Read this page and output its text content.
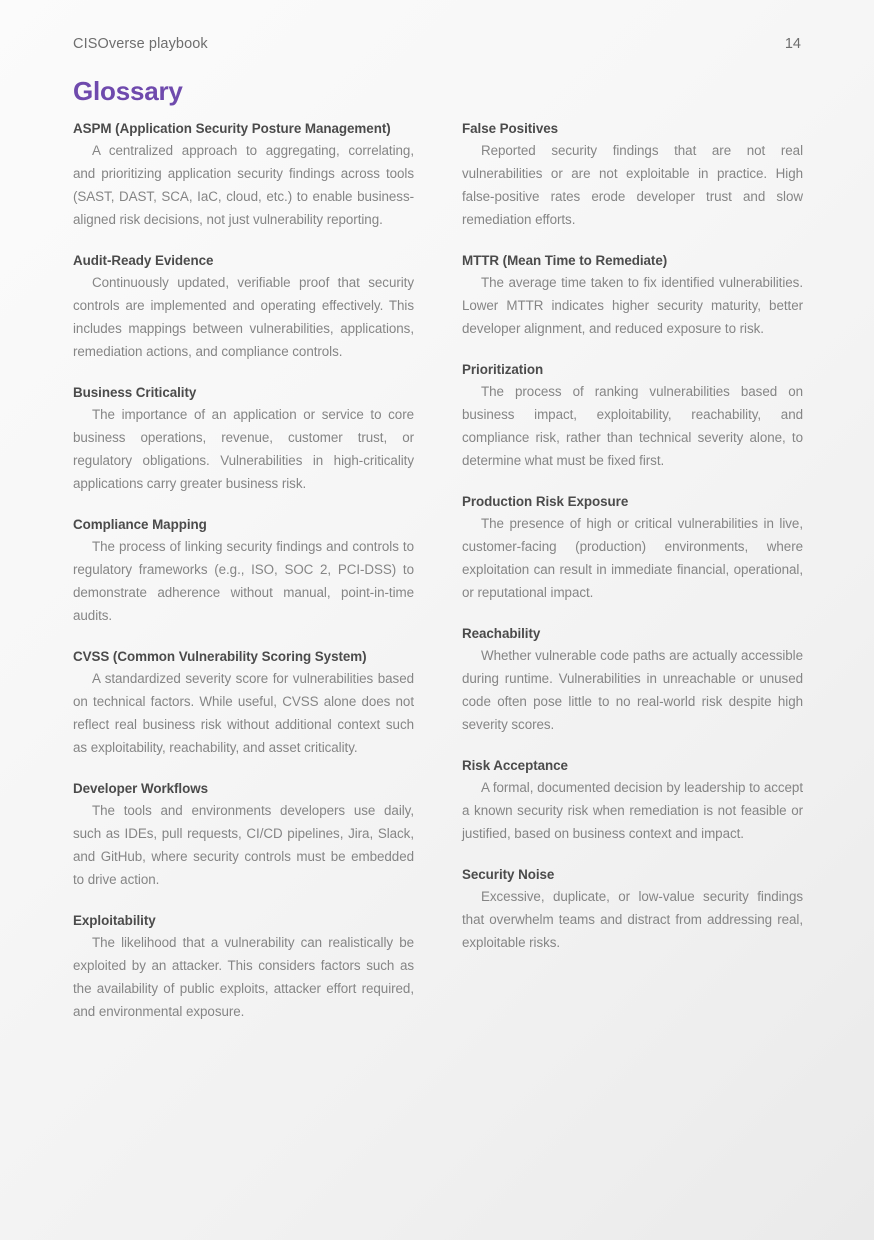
CISOverse playbook	14
Glossary
ASPM (Application Security Posture Management)
A centralized approach to aggregating, correlating, and prioritizing application security findings across tools (SAST, DAST, SCA, IaC, cloud, etc.) to enable business-aligned risk decisions, not just vulnerability reporting.
Audit-Ready Evidence
Continuously updated, verifiable proof that security controls are implemented and operating effectively. This includes mappings between vulnerabilities, applications, remediation actions, and compliance controls.
Business Criticality
The importance of an application or service to core business operations, revenue, customer trust, or regulatory obligations. Vulnerabilities in high-criticality applications carry greater business risk.
Compliance Mapping
The process of linking security findings and controls to regulatory frameworks (e.g., ISO, SOC 2, PCI-DSS) to demonstrate adherence without manual, point-in-time audits.
CVSS (Common Vulnerability Scoring System)
A standardized severity score for vulnerabilities based on technical factors. While useful, CVSS alone does not reflect real business risk without additional context such as exploitability, reachability, and asset criticality.
Developer Workflows
The tools and environments developers use daily, such as IDEs, pull requests, CI/CD pipelines, Jira, Slack, and GitHub, where security controls must be embedded to drive action.
Exploitability
The likelihood that a vulnerability can realistically be exploited by an attacker. This considers factors such as the availability of public exploits, attacker effort required, and environmental exposure.
False Positives
Reported security findings that are not real vulnerabilities or are not exploitable in practice. High false-positive rates erode developer trust and slow remediation efforts.
MTTR (Mean Time to Remediate)
The average time taken to fix identified vulnerabilities. Lower MTTR indicates higher security maturity, better developer alignment, and reduced exposure to risk.
Prioritization
The process of ranking vulnerabilities based on business impact, exploitability, reachability, and compliance risk, rather than technical severity alone, to determine what must be fixed first.
Production Risk Exposure
The presence of high or critical vulnerabilities in live, customer-facing (production) environments, where exploitation can result in immediate financial, operational, or reputational impact.
Reachability
Whether vulnerable code paths are actually accessible during runtime. Vulnerabilities in unreachable or unused code often pose little to no real-world risk despite high severity scores.
Risk Acceptance
A formal, documented decision by leadership to accept a known security risk when remediation is not feasible or justified, based on business context and impact.
Security Noise
Excessive, duplicate, or low-value security findings that overwhelm teams and distract from addressing real, exploitable risks.
